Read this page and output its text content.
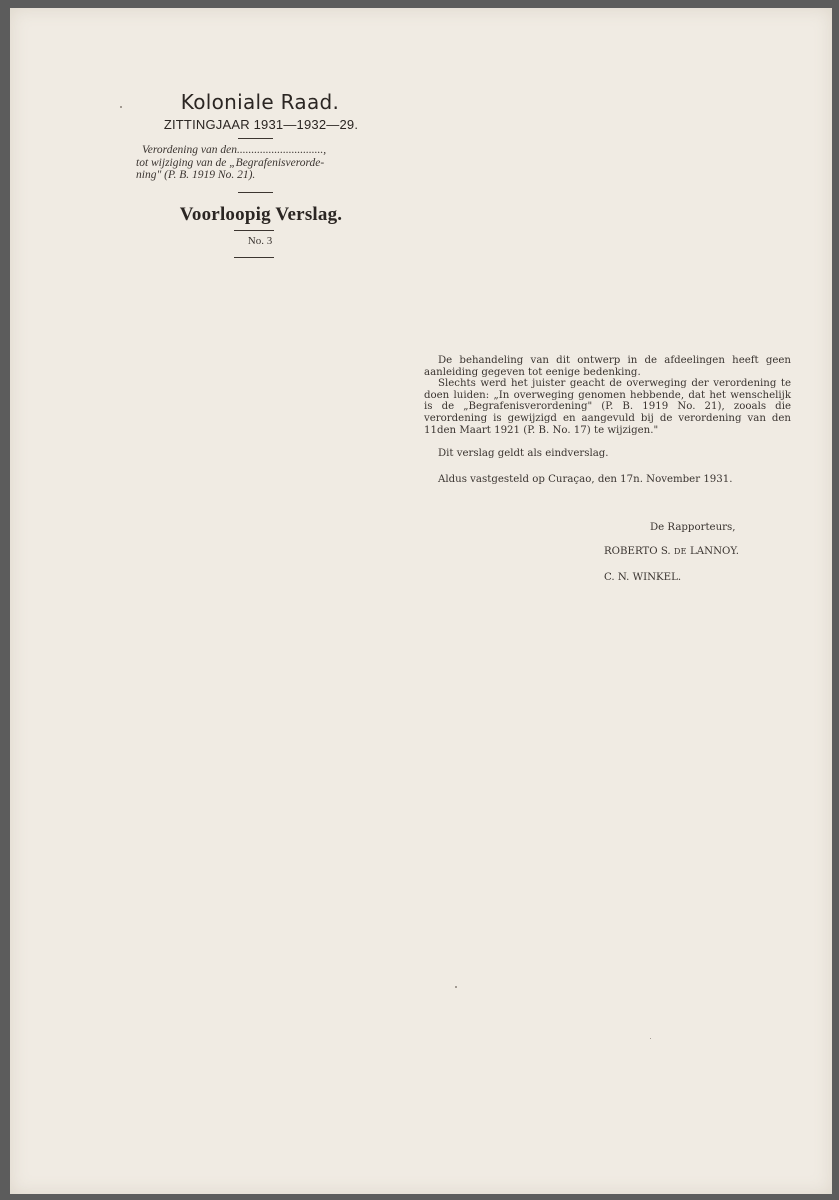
Koloniale Raad.
ZITTINGJAAR 1931—1932—29.
Verordening van den..............................,
tot wijziging van de „Begrafenisverorde-
ning" (P. B. 1919 No. 21).
Voorloopig Verslag.
No. 3

De behandeling van dit ontwerp in de afdeelingen heeft geen aanleiding gegeven tot eenige bedenking.

Slechts werd het juister geacht de overweging der verordening te doen luiden: „In overweging genomen hebbende, dat het wenschelijk is de „Begrafenisverordening" (P. B. 1919 No. 21), zooals die verordening is gewijzigd en aangevuld bij de verordening van den 11den Maart 1921 (P. B. No. 17) te wijzigen."

Dit verslag geldt als eindverslag.

Aldus vastgesteld op Curaçao, den 17n. November 1931.

De Rapporteurs,
ROBERTO S. DE LANNOY.
C. N. WINKEL.
